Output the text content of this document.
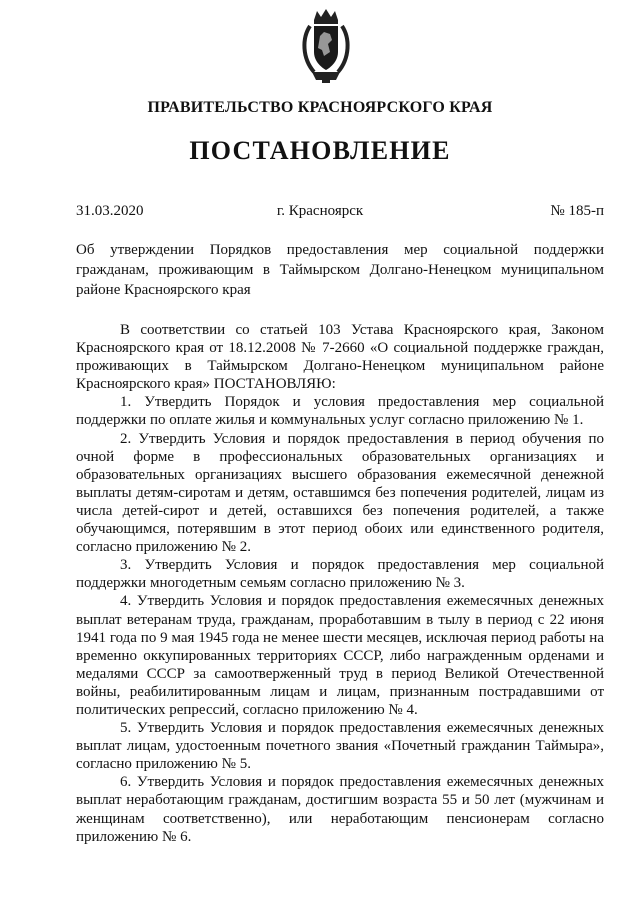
ПРАВИТЕЛЬСТВО КРАСНОЯРСКОГО КРАЯ
ПОСТАНОВЛЕНИЕ
31.03.2020	г. Красноярск	№ 185-п
Об утверждении Порядков предоставления мер социальной поддержки гражданам, проживающим в Таймырском Долгано-Ненецком муниципальном районе Красноярского края

В соответствии со статьей 103 Устава Красноярского края, Законом Красноярского края от 18.12.2008 № 7-2660 «О социальной поддержке граждан, проживающих в Таймырском Долгано-Ненецком муниципальном районе Красноярского края» ПОСТАНОВЛЯЮ:

1. Утвердить Порядок и условия предоставления мер социальной поддержки по оплате жилья и коммунальных услуг согласно приложению № 1.

2. Утвердить Условия и порядок предоставления в период обучения по очной форме в профессиональных образовательных организациях и образовательных организациях высшего образования ежемесячной денежной выплаты детям-сиротам и детям, оставшимся без попечения родителей, лицам из числа детей-сирот и детей, оставшихся без попечения родителей, а также обучающимся, потерявшим в этот период обоих или единственного родителя, согласно приложению № 2.

3. Утвердить Условия и порядок предоставления мер социальной поддержки многодетным семьям согласно приложению № 3.

4. Утвердить Условия и порядок предоставления ежемесячных денежных выплат ветеранам труда, гражданам, проработавшим в тылу в период с 22 июня 1941 года по 9 мая 1945 года не менее шести месяцев, исключая период работы на временно оккупированных территориях СССР, либо награжденным орденами и медалями СССР за самоотверженный труд в период Великой Отечественной войны, реабилитированным лицам и лицам, признанным пострадавшими от политических репрессий, согласно приложению № 4.

5. Утвердить Условия и порядок предоставления ежемесячных денежных выплат лицам, удостоенным почетного звания «Почетный гражданин Таймыра», согласно приложению № 5.

6. Утвердить Условия и порядок предоставления ежемесячных денежных выплат неработающим гражданам, достигшим возраста 55 и 50 лет (мужчинам и женщинам соответственно), или неработающим пенсионерам согласно приложению № 6.
